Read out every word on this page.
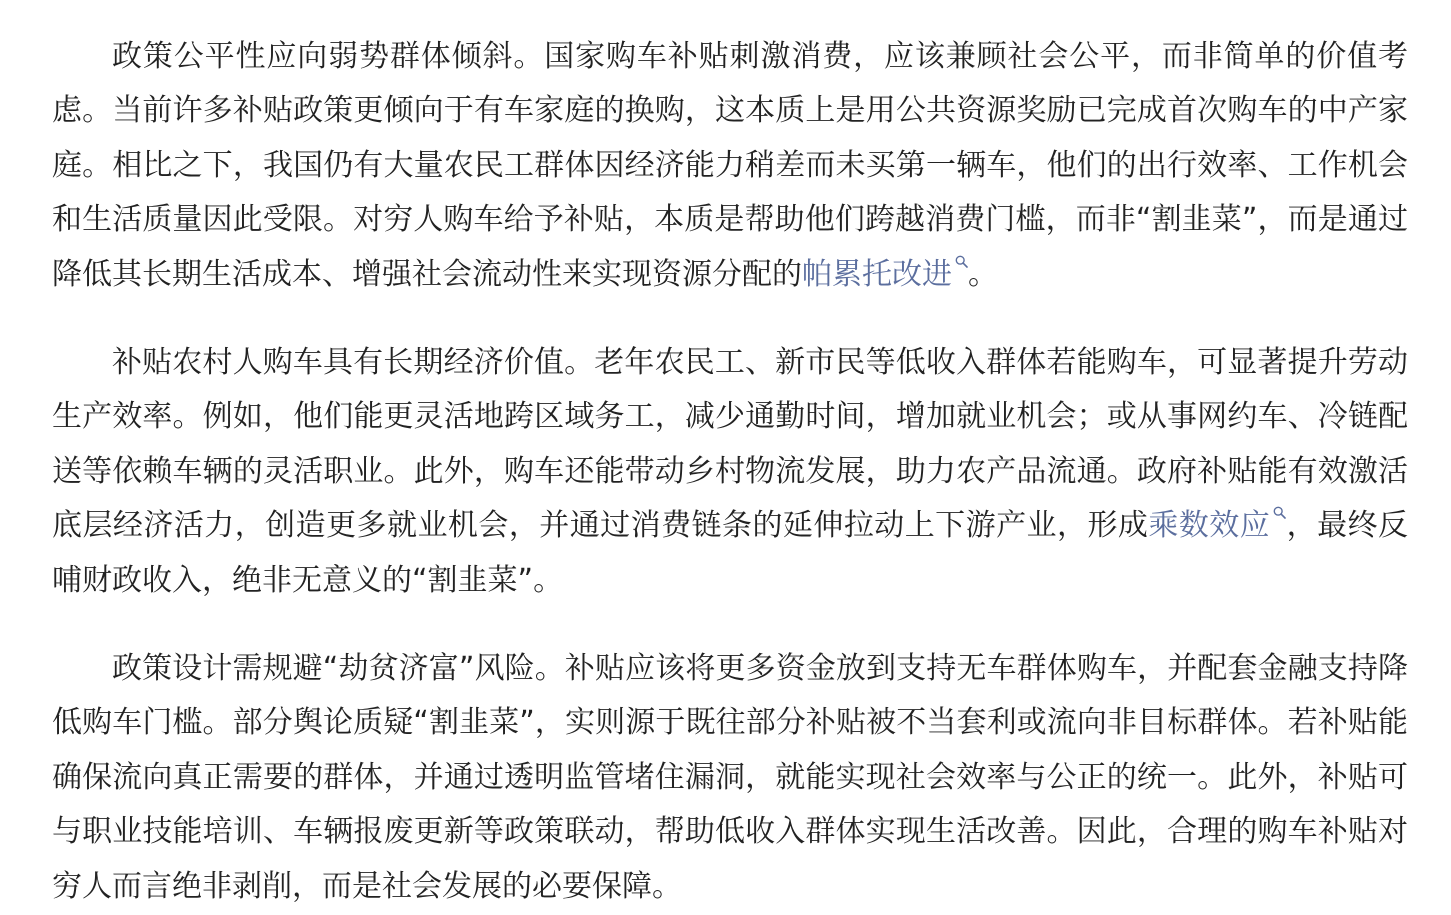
政策公平性应向弱势群体倾斜。国家购车补贴刺激消费，应该兼顾社会公平，而非简单的价值考虑。当前许多补贴政策更倾向于有车家庭的换购，这本质上是用公共资源奖励已完成首次购车的中产家庭。相比之下，我国仍有大量农民工群体因经济能力稍差而未买第一辆车，他们的出行效率、工作机会和生活质量因此受限。对穷人购车给予补贴，本质是帮助他们跨越消费门槛，而非“割韭菜”，而是通过降低其长期生活成本、增强社会流动性来实现资源分配的帕累托改进 。

补贴农村人购车具有长期经济价值。老年农民工、新市民等低收入群体若能购车，可显著提升劳动生产效率。例如，他们能更灵活地跨区域务工，减少通勤时间，增加就业机会；或从事网约车、冷链配送等依赖车辆的灵活职业。此外，购车还能带动乡村物流发展，助力农产品流通。政府补贴能有效激活底层经济活力，创造更多就业机会，并通过消费链条的延伸拉动上下游产业，形成乘数效应 ，最终反哺财政收入，绝非无意义的“割韭菜”。

政策设计需规避“劫贫济富”风险。补贴应该将更多资金放到支持无车群体购车，并配套金融支持降低购车门槛。部分舆论质疑“割韭菜”，实则源于既往部分补贴被不当套利或流向非目标群体。若补贴能确保流向真正需要的群体，并通过透明监管堵住漏洞，就能实现社会效率与公正的统一。此外，补贴可与职业技能培训、车辆报废更新等政策联动，帮助低收入群体实现生活改善。因此，合理的购车补贴对穷人而言绝非剥削，而是社会发展的必要保障。
